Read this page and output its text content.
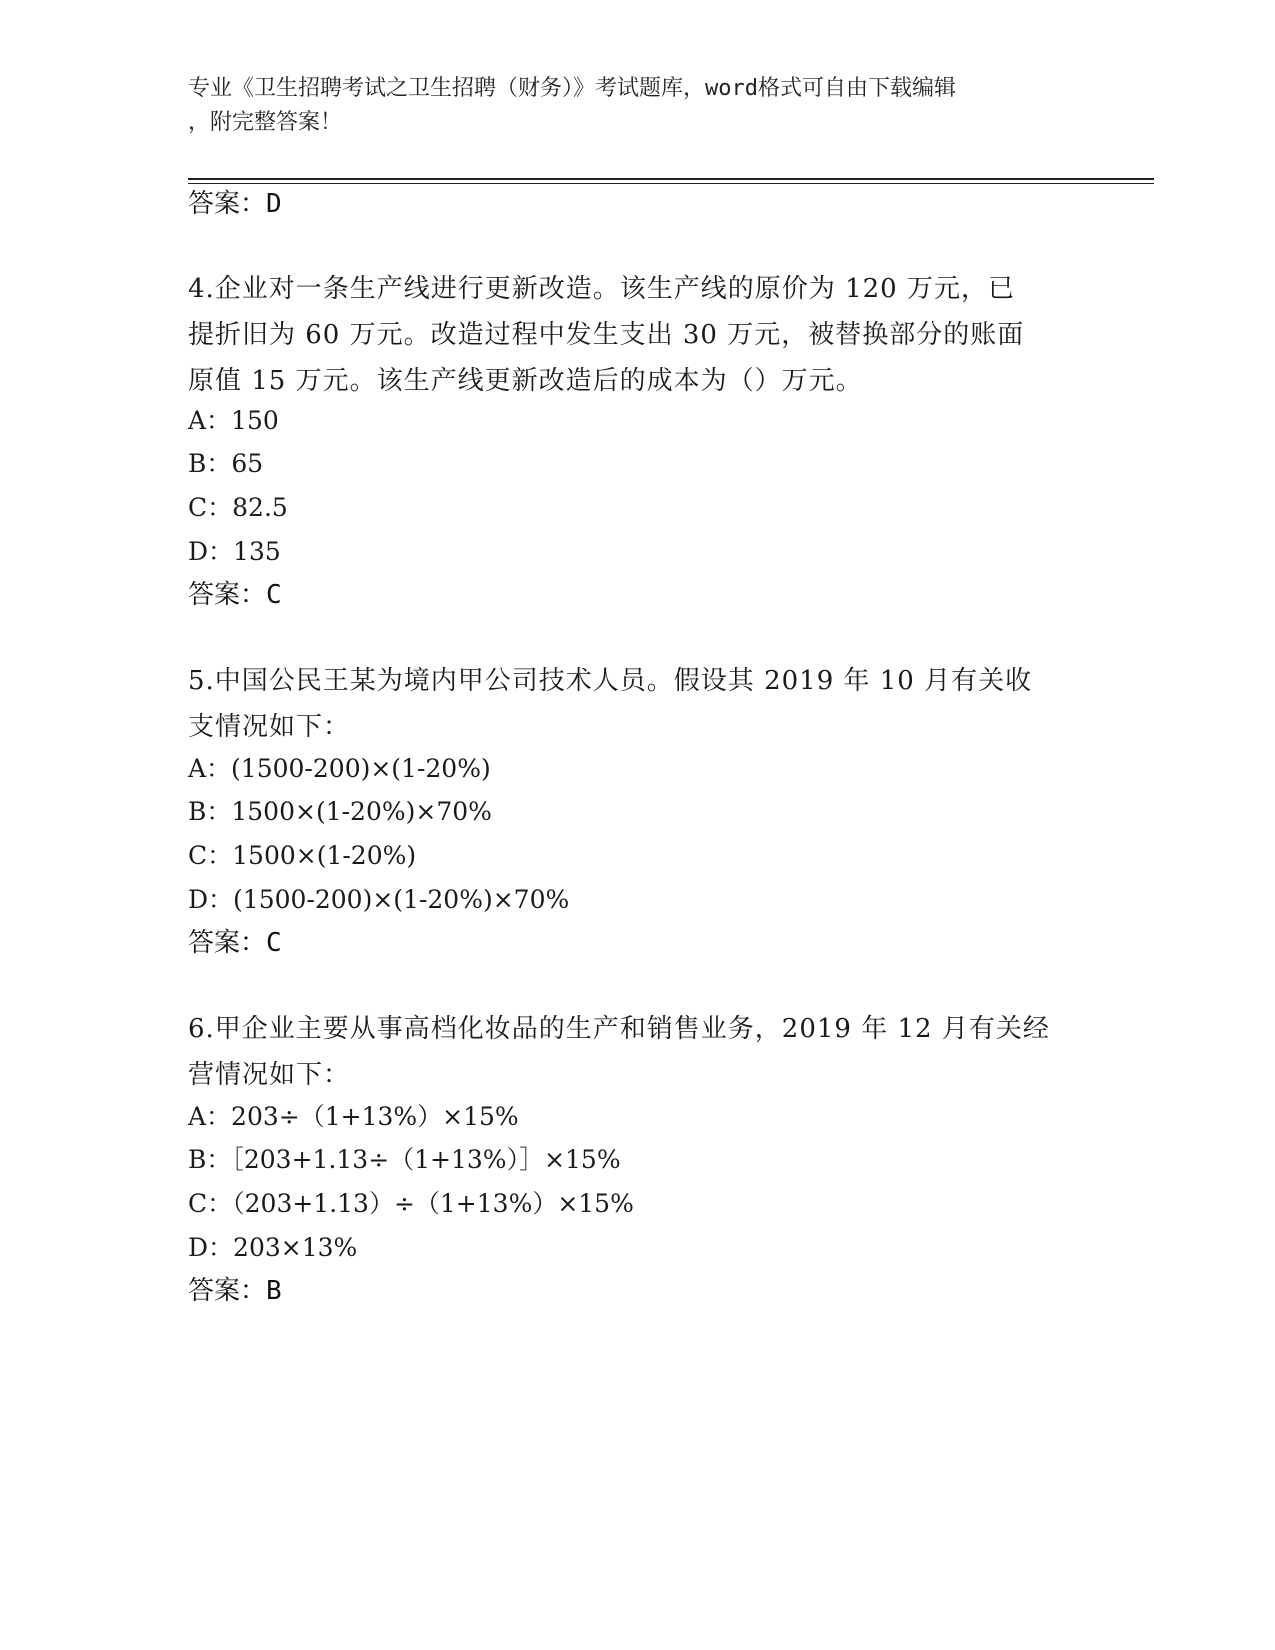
专业《卫生招聘考试之卫生招聘（财务）》考试题库，word格式可自由下载编辑
，附完整答案！
答案：D
4.企业对一条生产线进行更新改造。该生产线的原价为 120 万元，已
提折旧为 60 万元。改造过程中发生支出 30 万元，被替换部分的账面
原值 15 万元。该生产线更新改造后的成本为（）万元。
A：150
B：65
C：82.5
D：135
答案：C
5.中国公民王某为境内甲公司技术人员。假设其 2019 年 10 月有关收
支情况如下：
A：(1500-200)×(1-20%)
B：1500×(1-20%)×70%
C：1500×(1-20%)
D：(1500-200)×(1-20%)×70%
答案：C
6.甲企业主要从事高档化妆品的生产和销售业务，2019 年 12 月有关经
营情况如下：
A：203÷（1+13%）×15%
B：［203+1.13÷（1+13%）］×15%
C：（203+1.13）÷（1+13%）×15%
D：203×13%
答案：B
